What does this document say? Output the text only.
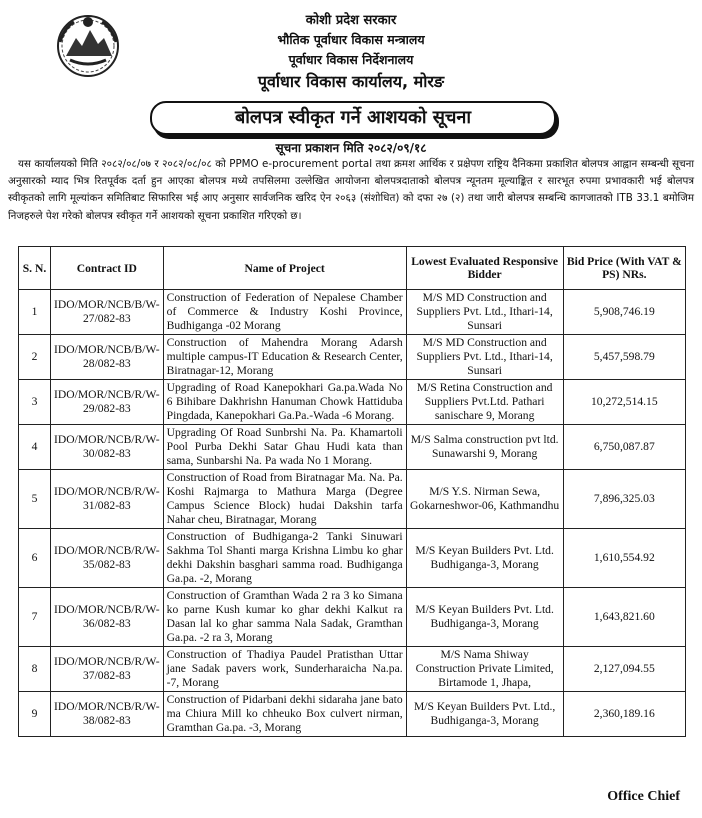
कोशी प्रदेश सरकार
भौतिक पूर्वाधार विकास मन्त्रालय
पूर्वाधार विकास निर्देशनालय
पूर्वाधार विकास कार्यालय, मोरङ
बोलपत्र स्वीकृत गर्ने आशयको सूचना
सूचना प्रकाशन मिति २०८२/०९/१८
यस कार्यालयको मिति २०८२/०८/०७ र २०८२/०८/०८ को PPMO e-procurement portal तथा क्रमश आर्थिक र प्रक्षेपण राष्ट्रिय दैनिकमा प्रकाशित बोलपत्र आह्वान सम्बन्धी सूचना अनुसारको म्याद भित्र रितपूर्वक दर्ता हुन आएका बोलपत्र मध्ये तपसिलमा उल्लेखित आयोजना बोलपत्रदाताको बोलपत्र न्यूनतम मूल्याङ्कित र सारभूत रुपमा प्रभावकारी भई बोलपत्र स्वीकृतको लागि मूल्यांकन समितिबाट सिफारिस भई आए अनुसार सार्वजनिक खरिद ऐन २०६३ (संशोधित) को दफा २७ (२) तथा जारी बोलपत्र सम्बन्धि कागजातको ITB 33.1 बमोजिम निजहरुले पेश गरेको बोलपत्र स्वीकृत गर्ने आशयको सूचना प्रकाशित गरिएको छ।
S. N.	Contract ID	Name of Project	Lowest Evaluated Responsive Bidder	Bid Price (With VAT & PS) NRs.
1	IDO/MOR/NCB/B/W-27/082-83	Construction of Federation of Nepalese Chamber of Commerce & Industry Koshi Province, Budhiganga -02 Morang	M/S MD Construction and Suppliers Pvt. Ltd., Ithari-14, Sunsari	5,908,746.19
2	IDO/MOR/NCB/B/W-28/082-83	Construction of Mahendra Morang Adarsh multiple campus-IT Education & Research Center, Biratnagar-12, Morang	M/S MD Construction and Suppliers Pvt. Ltd., Ithari-14, Sunsari	5,457,598.79
3	IDO/MOR/NCB/R/W-29/082-83	Upgrading of Road Kanepokhari Ga.pa.Wada No 6 Bihibare Dakhrishn Hanuman Chowk Hattiduba Pingdada, Kanepokhari Ga.Pa.-Wada -6 Morang.	M/S Retina Construction and Suppliers Pvt.Ltd. Pathari sanischare 9, Morang	10,272,514.15
4	IDO/MOR/NCB/R/W-30/082-83	Upgrading Of Road Sunbrshi Na. Pa. Khamartoli Pool Purba Dekhi Satar Ghau Hudi kata than sama, Sunbarshi Na. Pa wada No 1 Morang.	M/S Salma construction pvt ltd. Sunawarshi 9, Morang	6,750,087.87
5	IDO/MOR/NCB/R/W-31/082-83	Construction of Road from Biratnagar Ma. Na. Pa. Koshi Rajmarga to Mathura Marga (Degree Campus Science Block) hudai Dakshin tarfa Nahar cheu, Biratnagar, Morang	M/S Y.S. Nirman Sewa, Gokarneshwor-06, Kathmandhu	7,896,325.03
6	IDO/MOR/NCB/R/W-35/082-83	Construction of Budhiganga-2 Tanki Sinuwari Sakhma Tol Shanti marga Krishna Limbu ko ghar dekhi Dakshin basghari samma road. Budhiganga Ga.pa. -2, Morang	M/S Keyan Builders Pvt. Ltd. Budhiganga-3, Morang	1,610,554.92
7	IDO/MOR/NCB/R/W-36/082-83	Construction of Gramthan Wada 2 ra 3 ko Simana ko parne Kush kumar ko ghar dekhi Kalkut ra Dasan lal ko ghar samma Nala Sadak, Gramthan Ga.pa. -2 ra 3, Morang	M/S Keyan Builders Pvt. Ltd. Budhiganga-3, Morang	1,643,821.60
8	IDO/MOR/NCB/R/W-37/082-83	Construction of Thadiya Paudel Pratisthan Uttar jane Sadak pavers work, Sunderharaicha Na.pa. -7, Morang	M/S Nama Shiway Construction Private Limited, Birtamode 1, Jhapa,	2,127,094.55
9	IDO/MOR/NCB/R/W-38/082-83	Construction of Pidarbani dekhi sidaraha jane bato ma Chiura Mill ko chheuko Box culvert nirman, Gramthan Ga.pa. -3, Morang	M/S Keyan Builders Pvt. Ltd., Budhiganga-3, Morang	2,360,189.16
Office Chief
